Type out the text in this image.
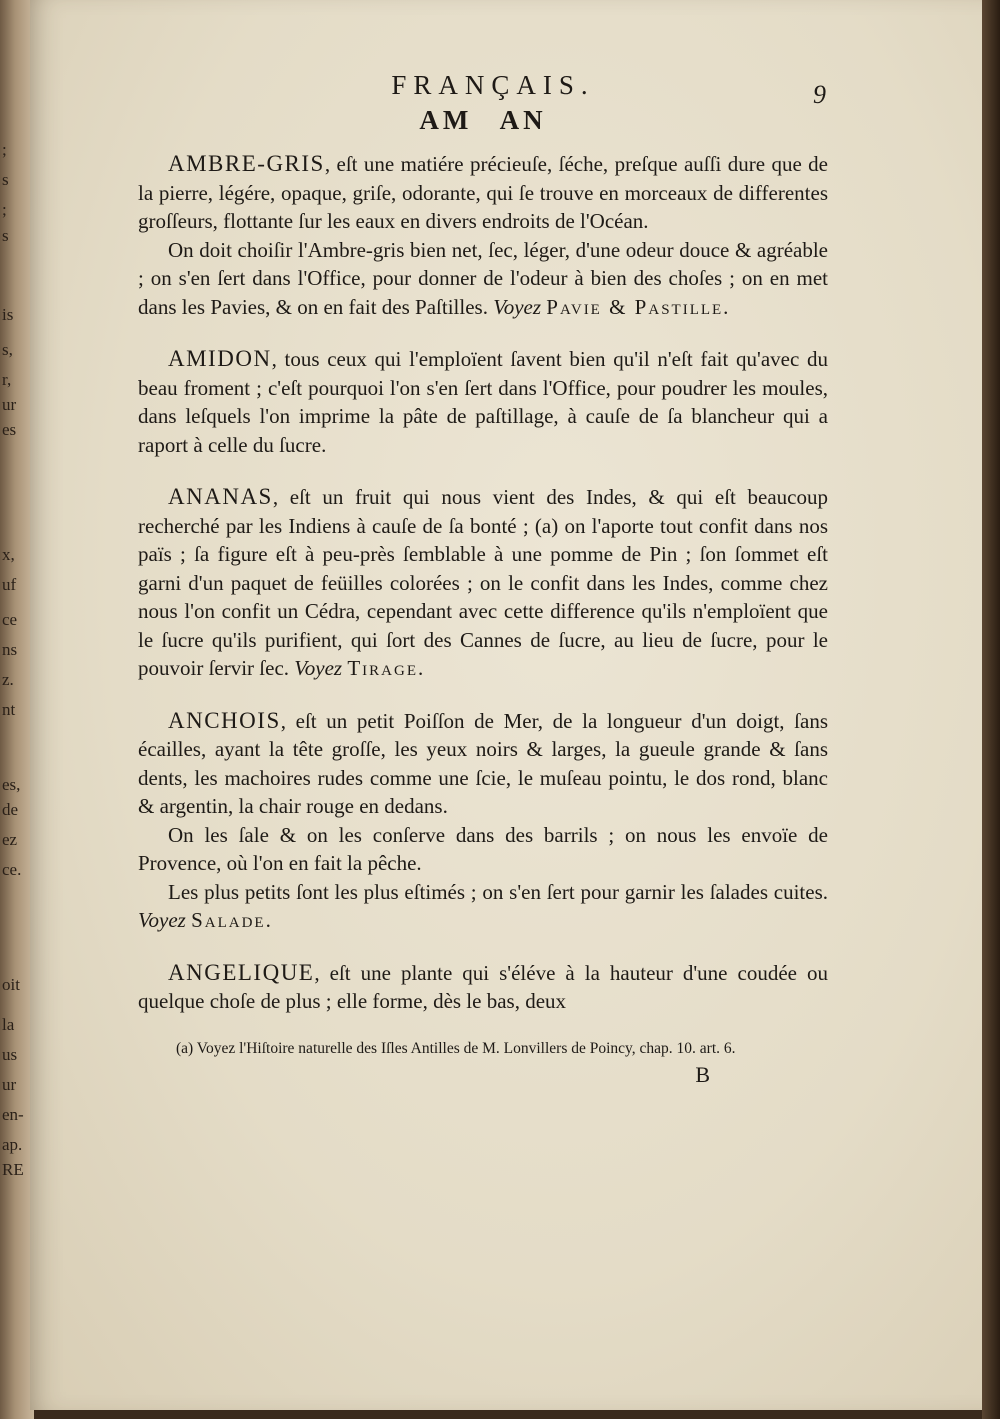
;
s
;
s
is
s,
r,
ur
es
x,
uf
ce
ns
z.
nt
es,
de
ez
ce.
oit
la
us
ur
en-
ap.
RE
9
FRANÇAIS.
AM AN

AMBRE-GRIS, eſt une matiére précieuſe, ſéche, preſque auſſi dure que de la pierre, légére, opaque, griſe, odorante, qui ſe trouve en morceaux de differentes groſſeurs, flottante ſur les eaux en divers endroits de l'Océan.

On doit choiſir l'Ambre-gris bien net, ſec, léger, d'une odeur douce & agréable ; on s'en ſert dans l'Office, pour donner de l'odeur à bien des choſes ; on en met dans les Pavies, & on en fait des Paſtilles. Voyez Pavie & Pastille.

AMIDON, tous ceux qui l'emploïent ſavent bien qu'il n'eſt fait qu'avec du beau froment ; c'eſt pourquoi l'on s'en ſert dans l'Office, pour poudrer les moules, dans leſquels l'on imprime la pâte de paſtillage, à cauſe de ſa blancheur qui a raport à celle du ſucre.

ANANAS, eſt un fruit qui nous vient des Indes, & qui eſt beaucoup recherché par les Indiens à cauſe de ſa bonté ; (a) on l'aporte tout confit dans nos païs ; ſa figure eſt à peu-près ſemblable à une pomme de Pin ; ſon ſommet eſt garni d'un paquet de feüilles colorées ; on le confit dans les Indes, comme chez nous l'on confit un Cédra, cependant avec cette difference qu'ils n'emploïent que le ſucre qu'ils purifient, qui ſort des Cannes de ſucre, au lieu de ſucre, pour le pouvoir ſervir ſec. Voyez Tirage.

ANCHOIS, eſt un petit Poiſſon de Mer, de la longueur d'un doigt, ſans écailles, ayant la tête groſſe, les yeux noirs & larges, la gueule grande & ſans dents, les machoires rudes comme une ſcie, le muſeau pointu, le dos rond, blanc & argentin, la chair rouge en dedans.

On les ſale & on les conſerve dans des barrils ; on nous les envoïe de Provence, où l'on en fait la pêche.

Les plus petits ſont les plus eſtimés ; on s'en ſert pour garnir les ſalades cuites. Voyez Salade.

ANGELIQUE, eſt une plante qui s'éléve à la hauteur d'une coudée ou quelque choſe de plus ; elle forme, dès le bas, deux

(a) Voyez l'Hiſtoire naturelle des Iſles Antilles de M. Lonvillers de Poincy, chap. 10. art. 6.
B
